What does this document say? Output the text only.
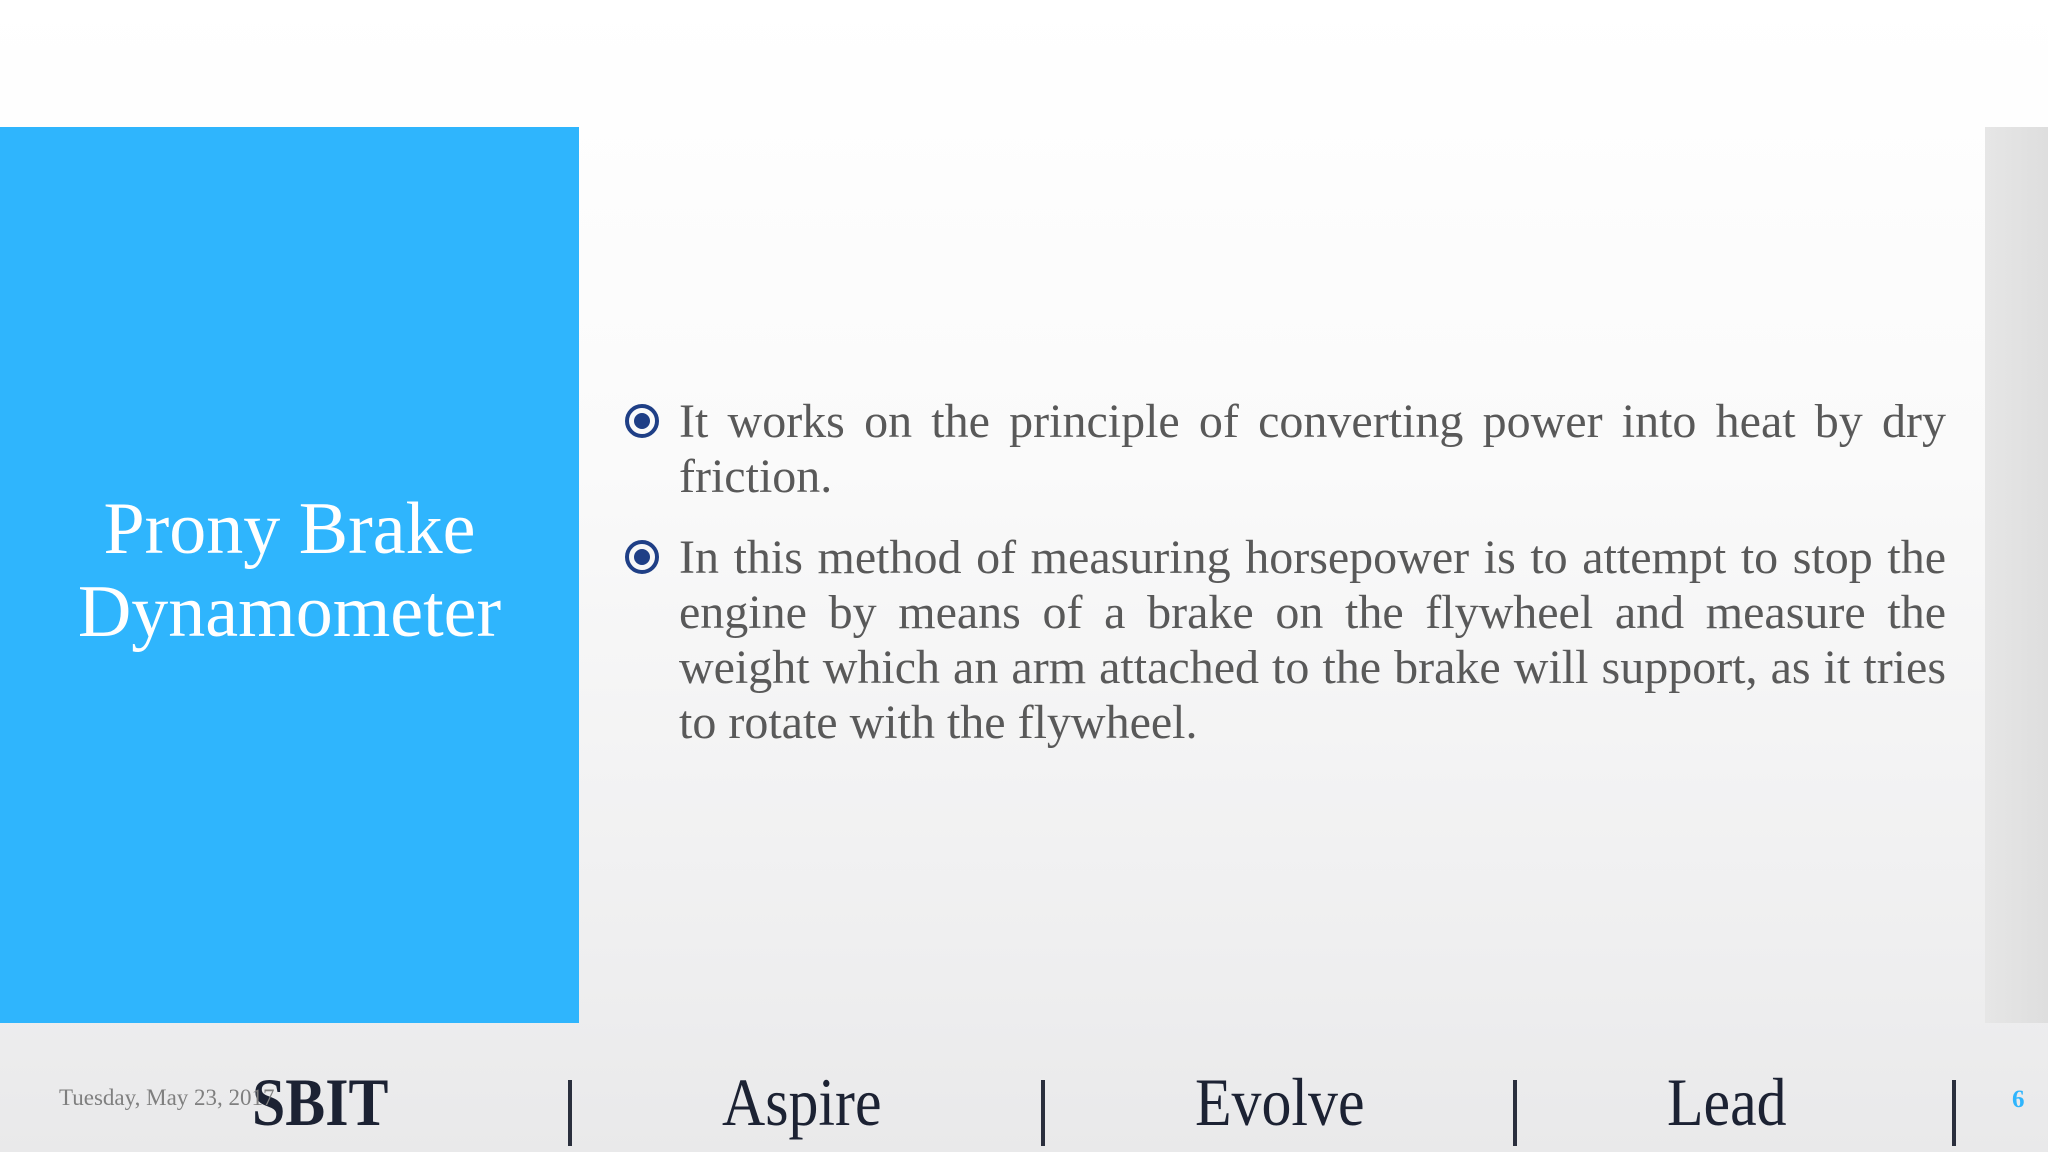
Prony Brake
Dynamometer
It works on the principle of converting power into heat by dry friction.
In this method of measuring horsepower is to attempt to stop the engine by means of a brake on the flywheel and measure the weight which an arm attached to the brake will support, as it tries to rotate with the flywheel.
SBIT	Aspire	Evolve	Lead
Tuesday, May 23, 2017	6
